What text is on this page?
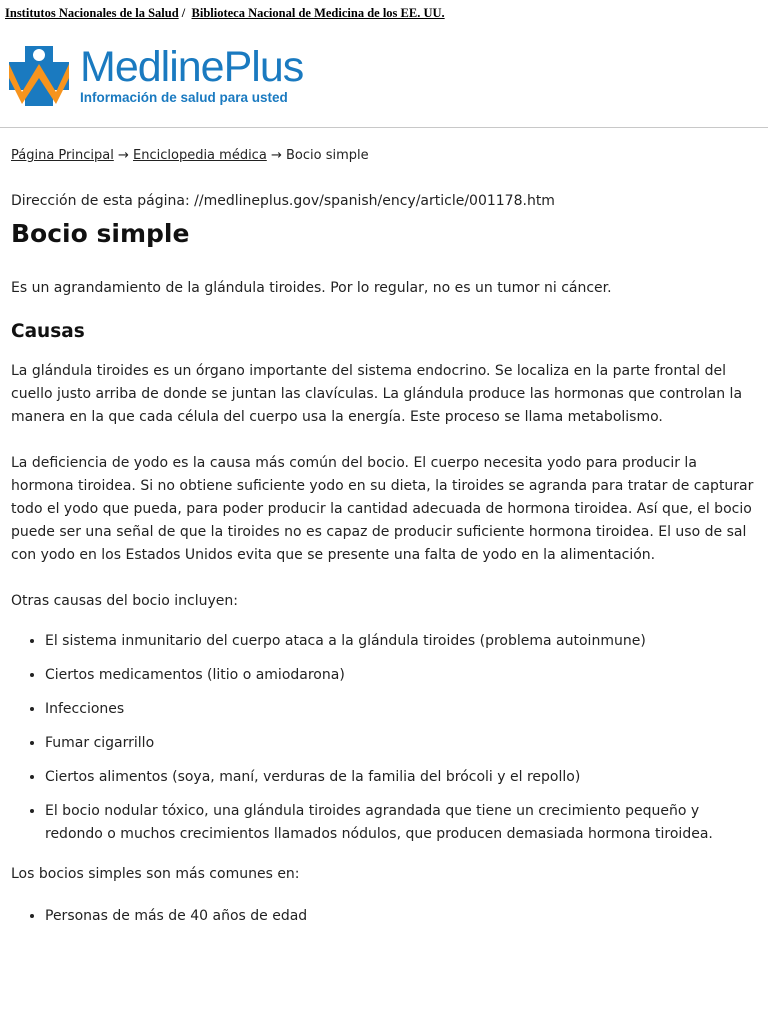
Institutos Nacionales de la Salud / Biblioteca Nacional de Medicina de los EE. UU.
MedlinePlus
Información de salud para usted
Página Principal → Enciclopedia médica → Bocio simple
Dirección de esta página: //medlineplus.gov/spanish/ency/article/001178.htm
Bocio simple

Es un agrandamiento de la glándula tiroides. Por lo regular, no es un tumor ni cáncer.

Causas

La glándula tiroides es un órgano importante del sistema endocrino. Se localiza en la parte frontal del cuello justo arriba de donde se juntan las clavículas. La glándula produce las hormonas que controlan la manera en la que cada célula del cuerpo usa la energía. Este proceso se llama metabolismo.

La deficiencia de yodo es la causa más común del bocio. El cuerpo necesita yodo para producir la hormona tiroidea. Si no obtiene suficiente yodo en su dieta, la tiroides se agranda para tratar de capturar todo el yodo que pueda, para poder producir la cantidad adecuada de hormona tiroidea. Así que, el bocio puede ser una señal de que la tiroides no es capaz de producir suficiente hormona tiroidea. El uso de sal con yodo en los Estados Unidos evita que se presente una falta de yodo en la alimentación.

Otras causas del bocio incluyen:

• El sistema inmunitario del cuerpo ataca a la glándula tiroides (problema autoinmune)
• Ciertos medicamentos (litio o amiodarona)
• Infecciones
• Fumar cigarrillo
• Ciertos alimentos (soya, maní, verduras de la familia del brócoli y el repollo)
• El bocio nodular tóxico, una glándula tiroides agrandada que tiene un crecimiento pequeño y redondo o muchos crecimientos llamados nódulos, que producen demasiada hormona tiroidea.

Los bocios simples son más comunes en:

• Personas de más de 40 años de edad
